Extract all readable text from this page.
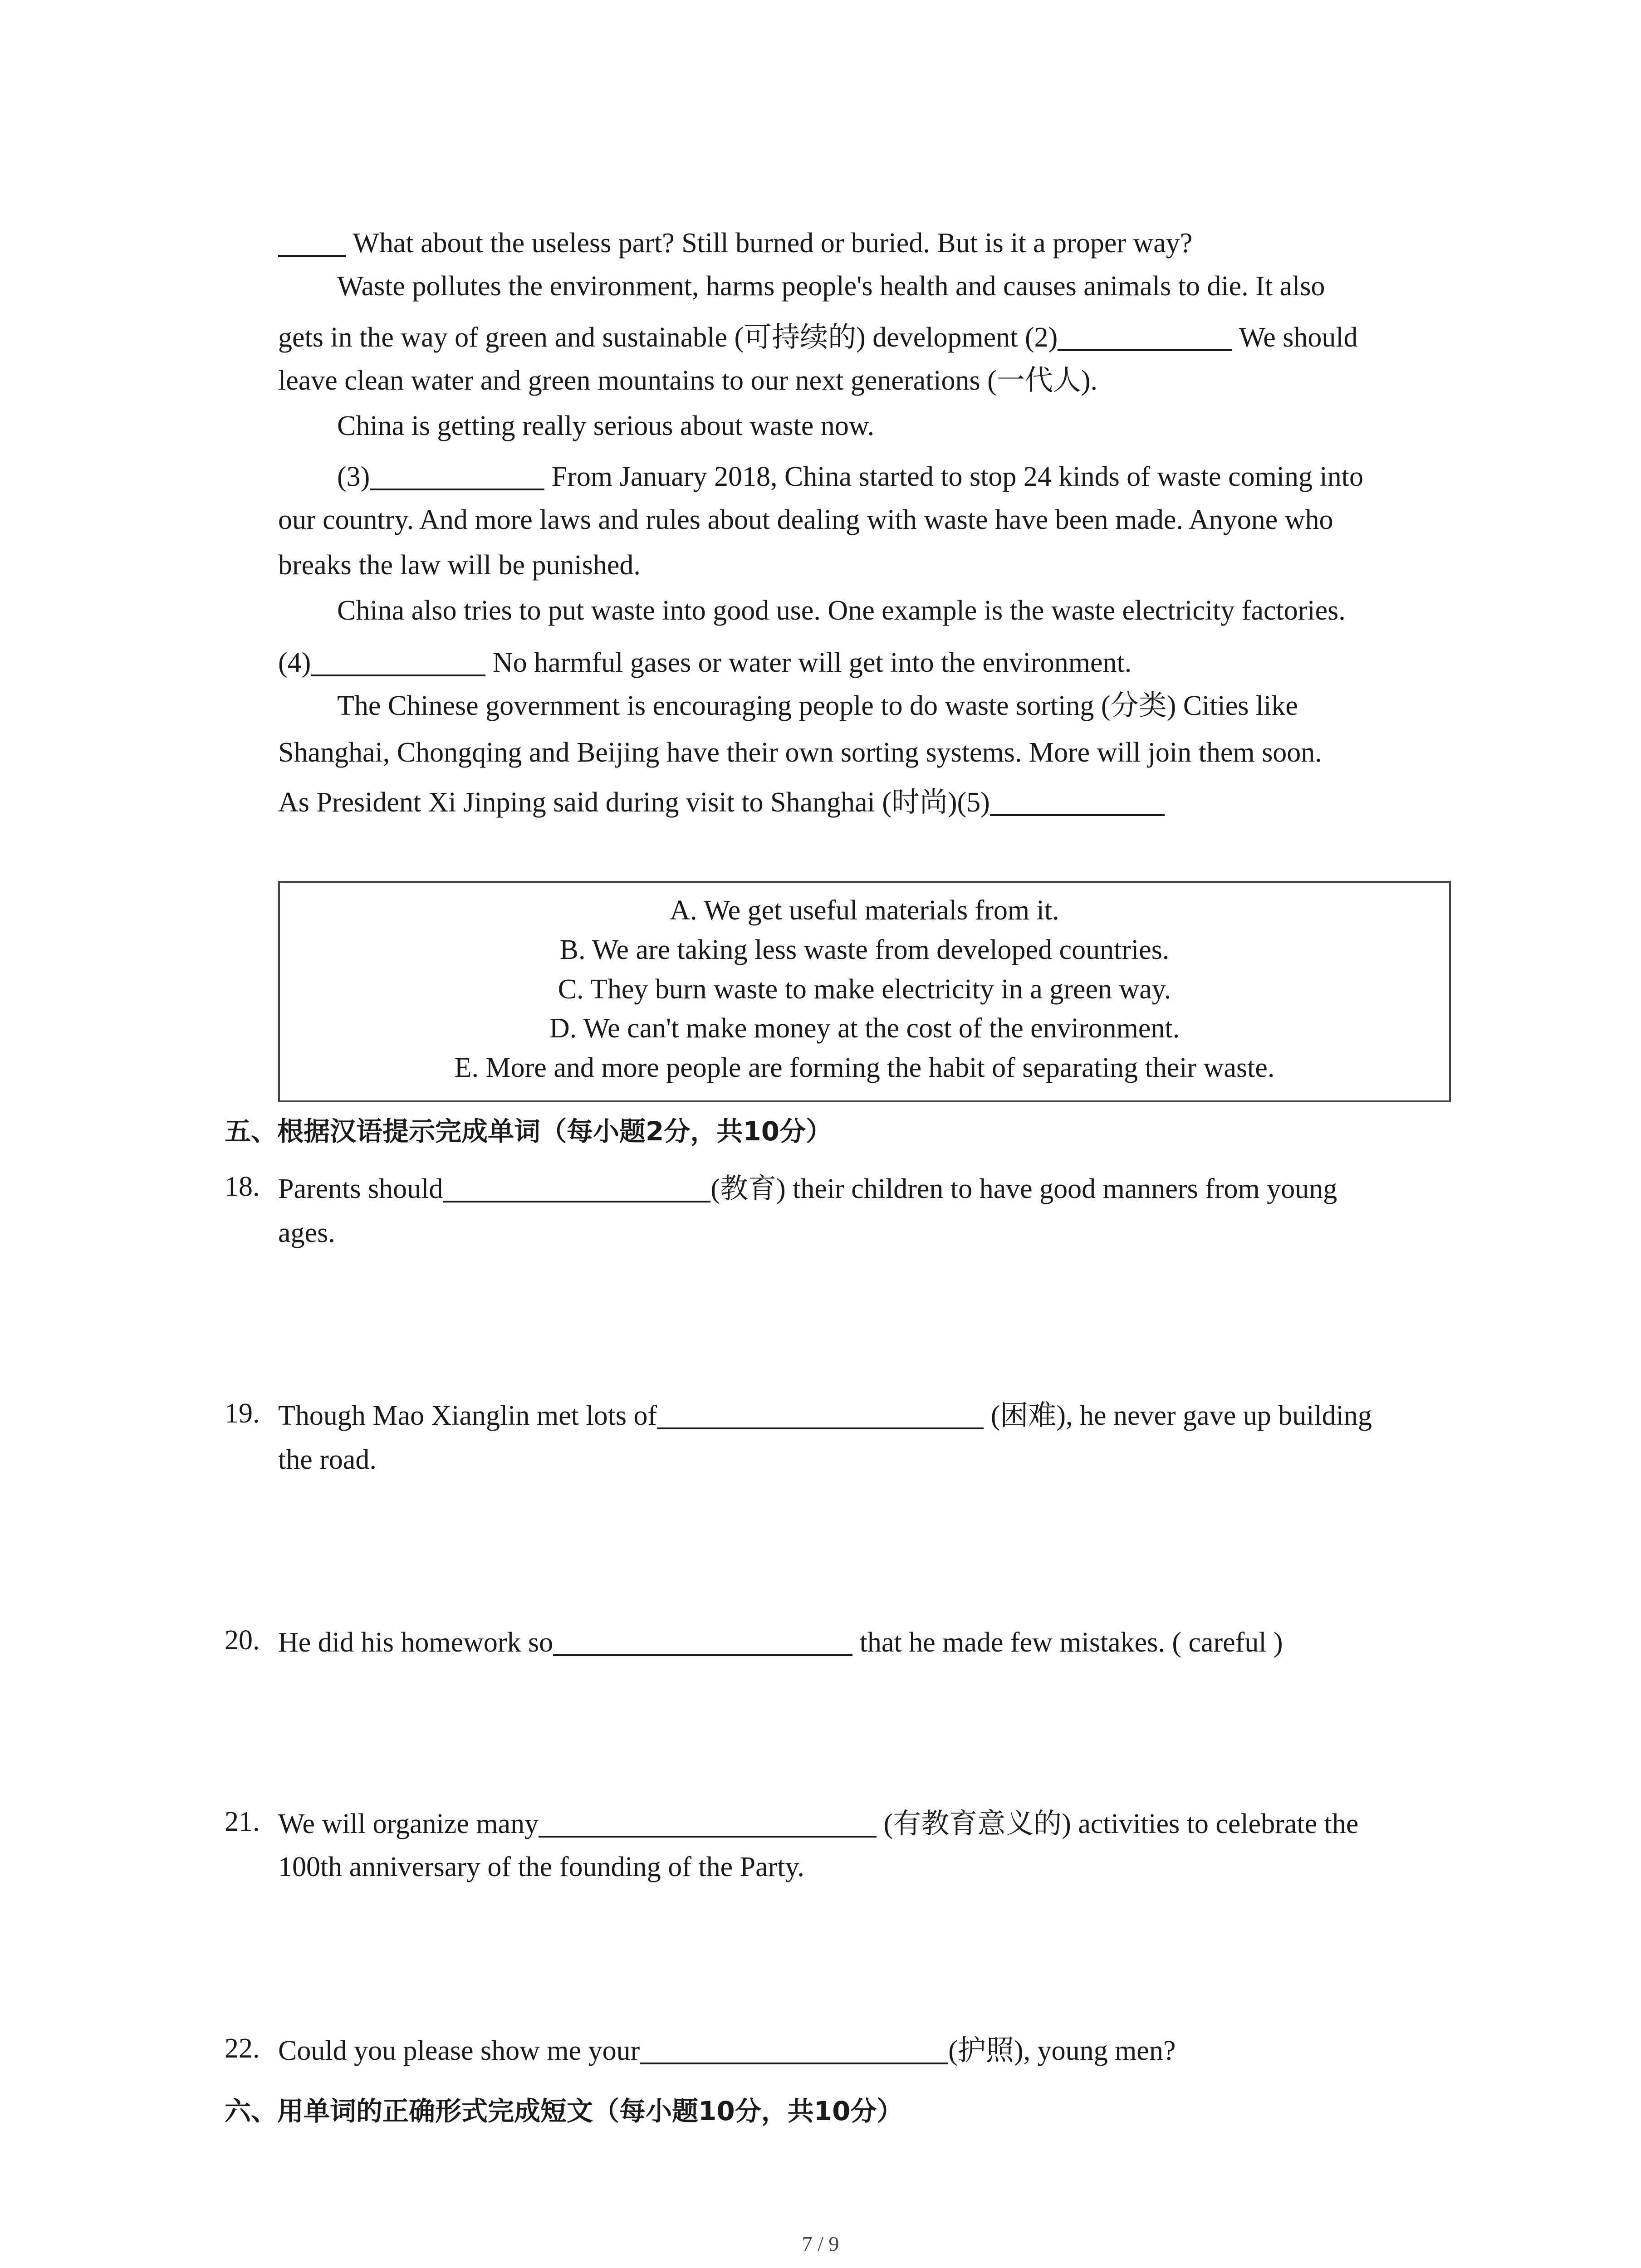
What about the useless part? Still burned or buried. But is it a proper way?
Waste pollutes the environment, harms people's health and causes animals to die. It also
gets in the way of green and sustainable (可持续的) development (2)	We should
leave clean water and green mountains to our next generations (一代人).
China is getting really serious about waste now.
(3)	From January 2018, China started to stop 24 kinds of waste coming into
our country. And more laws and rules about dealing with waste have been made. Anyone who
breaks the law will be punished.
China also tries to put waste into good use. One example is the waste electricity factories.
(4)	No harmful gases or water will get into the environment.
The Chinese government is encouraging people to do waste sorting (分类) Cities like
Shanghai, Chongqing and Beijing have their own sorting systems. More will join them soon.
As President Xi Jinping said during visit to Shanghai (时尚)(5)
A. We get useful materials from it.
B. We are taking less waste from developed countries.
C. They burn waste to make electricity in a green way.
D. We can't make money at the cost of the environment.
E. More and more people are forming the habit of separating their waste.
五、根据汉语提示完成单词（每小题2分，共10分）
18. Parents should	(教育) their children to have good manners from young
ages.
19. Though Mao Xianglin met lots of	(困难), he never gave up building
the road.
20. He did his homework so	that he made few mistakes. ( careful )
21. We will organize many	(有教育意义的) activities to celebrate the
100th anniversary of the founding of the Party.
22. Could you please show me your	(护照), young men?
六、用单词的正确形式完成短文（每小题10分，共10分）
7 / 9
